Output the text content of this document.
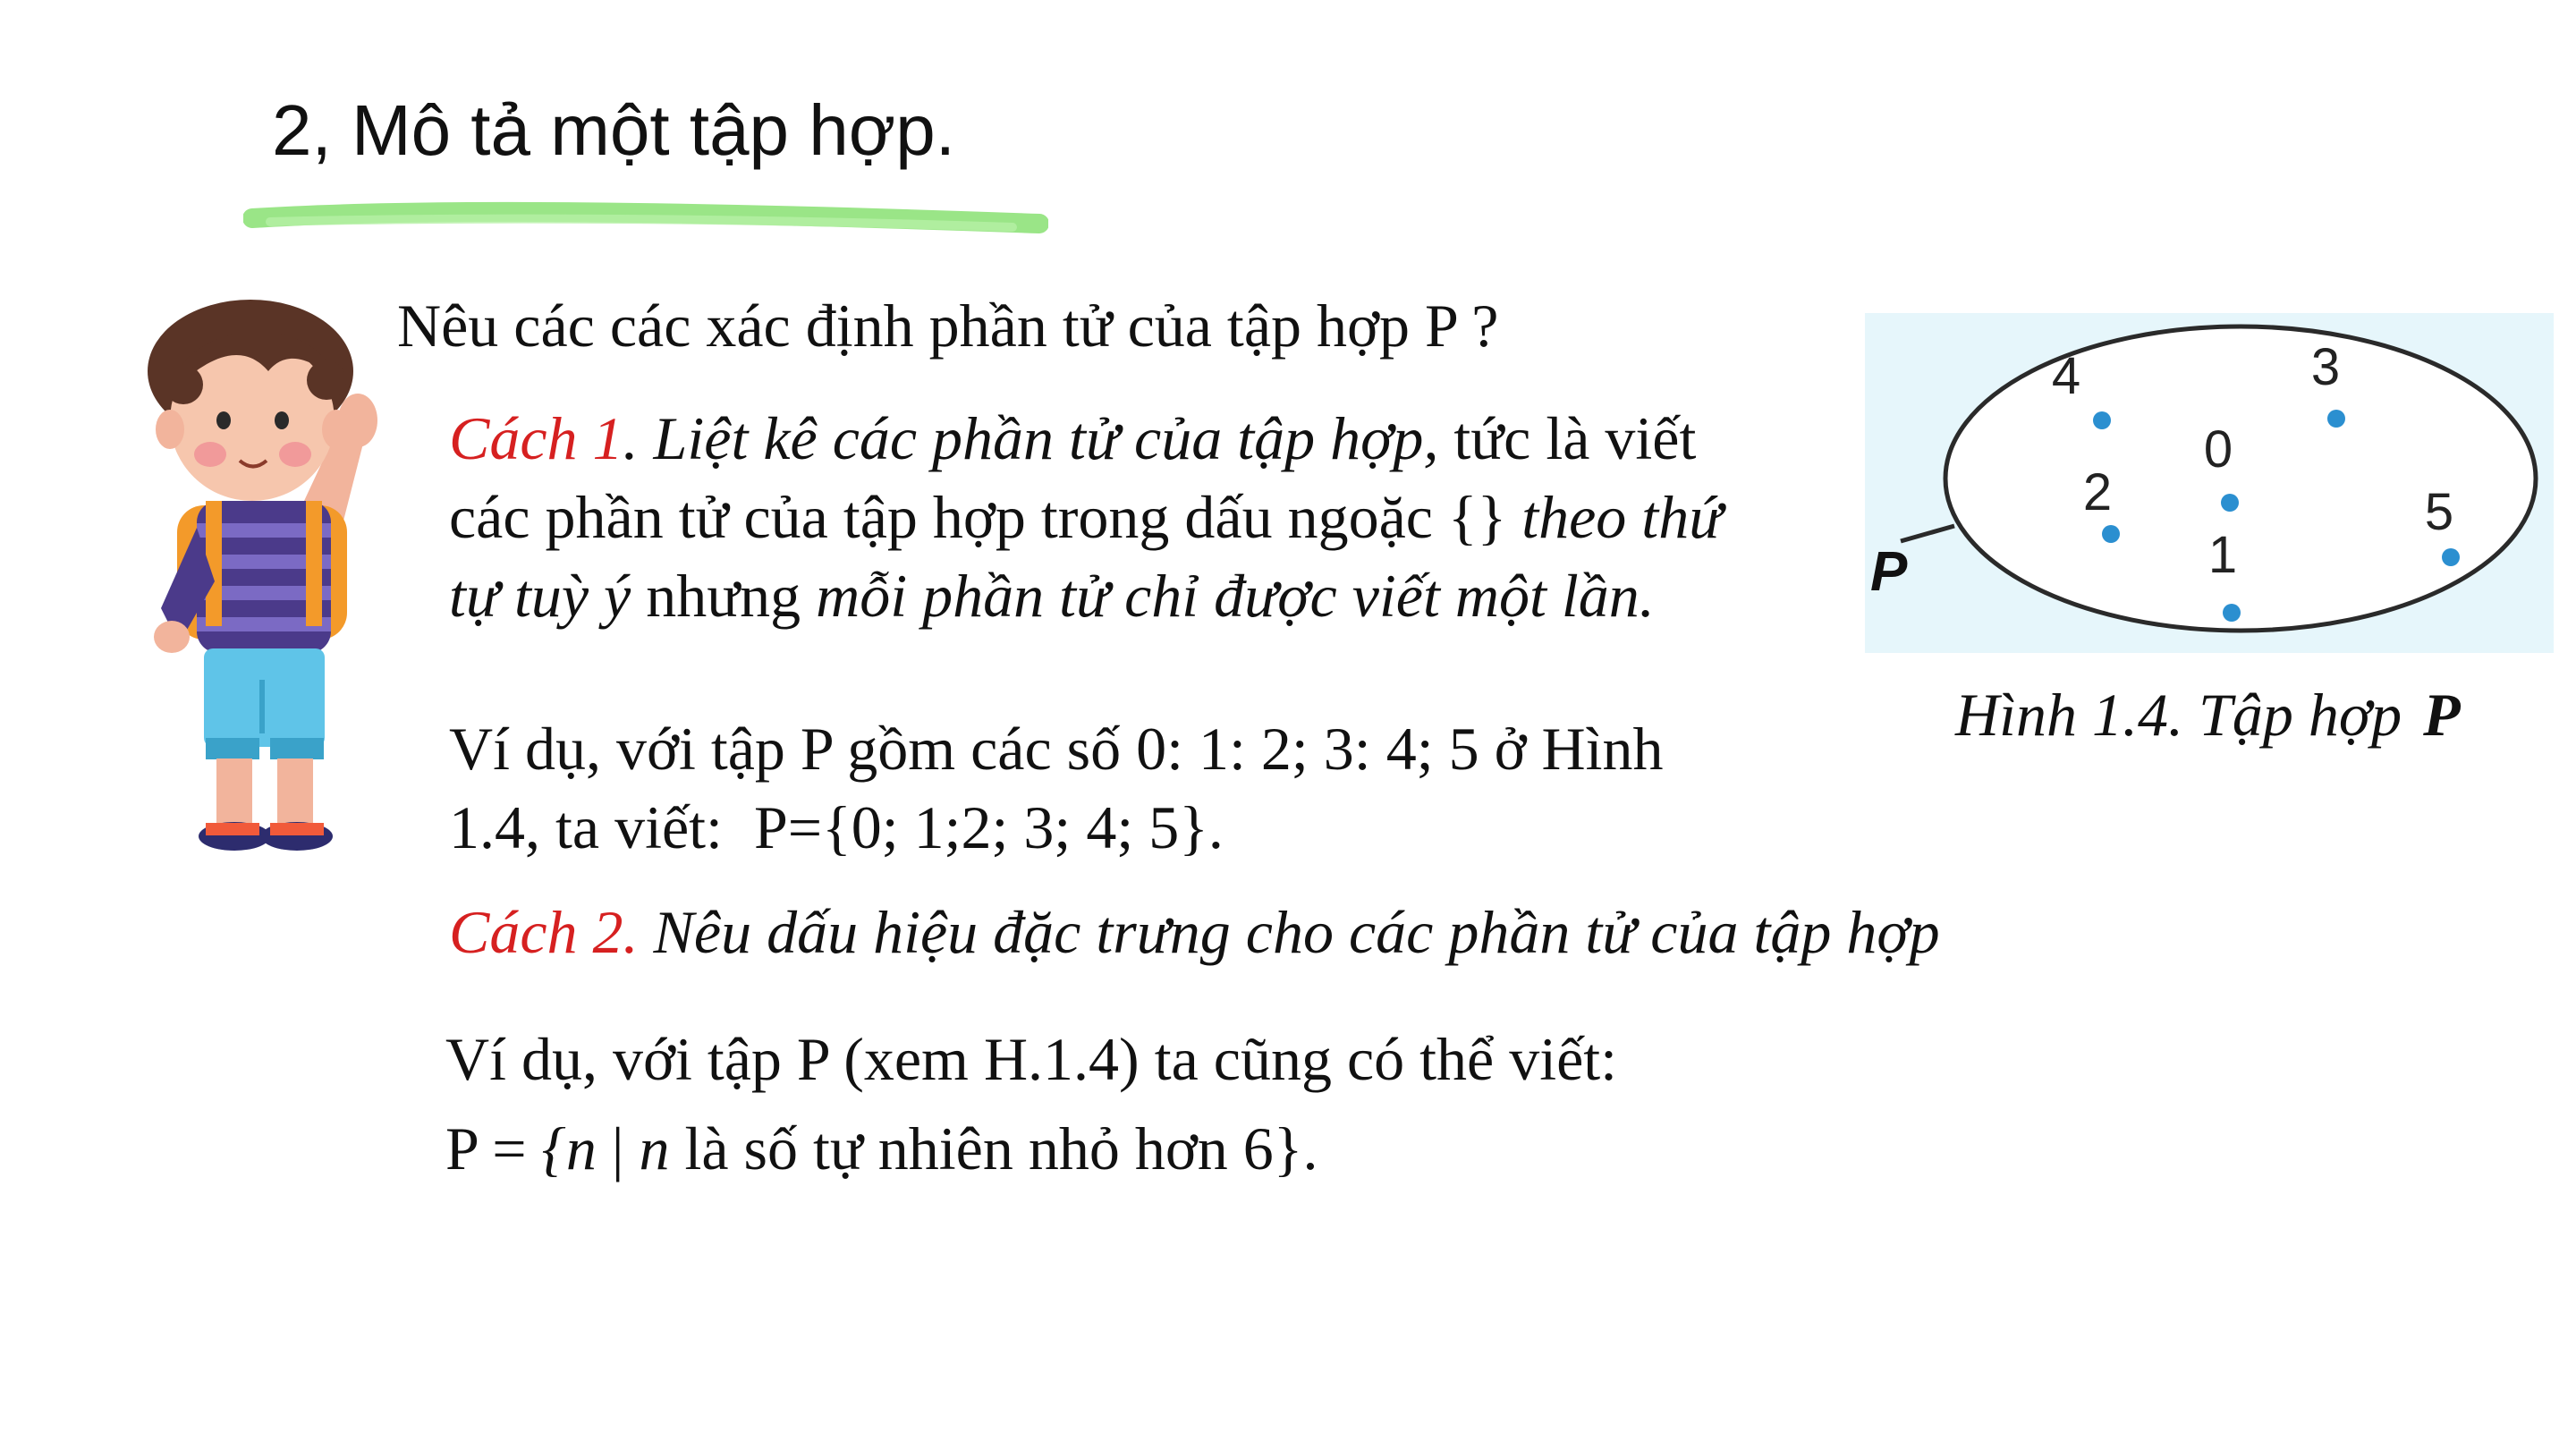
2, Mô tả một tập hợp.
Nêu các các xác định phần tử của tập hợp P ?
Cách 1. Liệt kê các phần tử của tập hợp, tức là viết
các phần tử của tập hợp trong dấu ngoặc {} theo thứ
tự tuỳ ý nhưng mỗi phần tử chỉ được viết một lần.
Ví dụ, với tập P gồm các số 0: 1: 2; 3: 4; 5 ở Hình
1.4, ta viết: P={0; 1;2; 3; 4; 5}.
Cách 2. Nêu dấu hiệu đặc trưng cho các phần tử của tập hợp
Ví dụ, với tập P (xem H.1.4) ta cũng có thể viết:
P = {n | n là số tự nhiên nhỏ hơn 6}.
P
4	3
0
2	5
1
Hình 1.4. Tập hợp P
